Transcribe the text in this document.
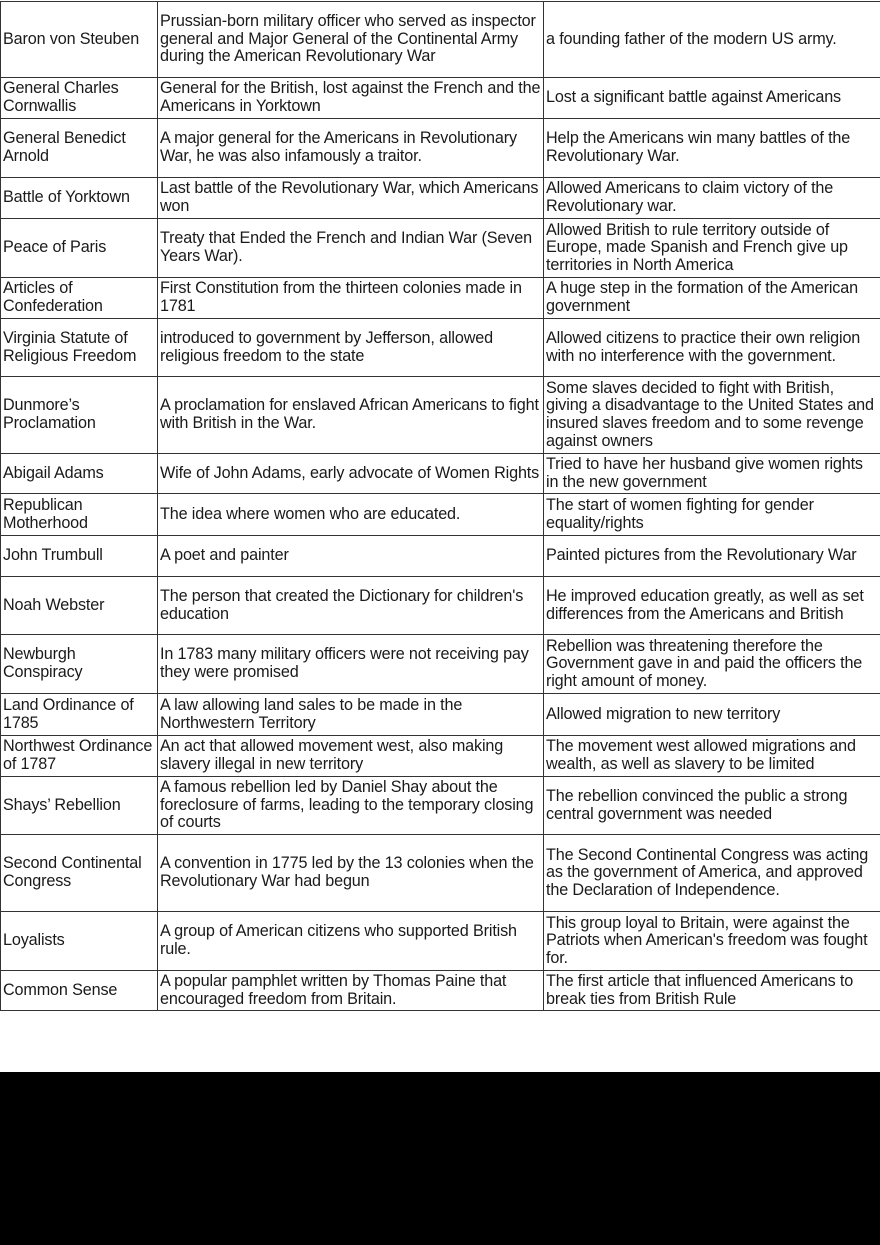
Baron von Steuben	Prussian-born military officer who served as inspector general and Major General of the Continental Army during the American Revolutionary War	a founding father of the modern US army.
General Charles Cornwallis	General for the British, lost against the French and the Americans in Yorktown	Lost a significant battle against Americans
General Benedict Arnold	A major general for the Americans in Revolutionary War, he was also infamously a traitor.	Help the Americans win many battles of the Revolutionary War.
Battle of Yorktown	Last battle of the Revolutionary War, which Americans won	Allowed Americans to claim victory of the Revolutionary war.
Peace of Paris	Treaty that Ended the French and Indian War (Seven Years War).	Allowed British to rule territory outside of Europe, made Spanish and French give up territories in North America
Articles of Confederation	First Constitution from the thirteen colonies made in 1781	A huge step in the formation of the American government
Virginia Statute of Religious Freedom	introduced to government by Jefferson, allowed religious freedom to the state	Allowed citizens to practice their own religion with no interference with the government.
Dunmore’s Proclamation	A proclamation for enslaved African Americans to fight with British in the War.	Some slaves decided to fight with British, giving a disadvantage to the United States and insured slaves freedom and to some revenge against owners
Abigail Adams	Wife of John Adams, early advocate of Women Rights	Tried to have her husband give women rights in the new government
Republican Motherhood	The idea where women who are educated.	The start of women fighting for gender equality/rights
John Trumbull	A poet and painter	Painted pictures from the Revolutionary War
Noah Webster	The person that created the Dictionary for children's education	He improved education greatly, as well as set differences from the Americans and British
Newburgh Conspiracy	In 1783 many military officers were not receiving pay they were promised	Rebellion was threatening therefore the Government gave in and paid the officers the right amount of money.
Land Ordinance of 1785	A law allowing land sales to be made in the Northwestern Territory	Allowed migration to new territory
Northwest Ordinance of 1787	An act that allowed movement west, also making slavery illegal in new territory	The movement west allowed migrations and wealth, as well as slavery to be limited
Shays’ Rebellion	A famous rebellion led by Daniel Shay about the foreclosure of farms, leading to the temporary closing of courts	The rebellion convinced the public a strong central government was needed
Second Continental Congress	A convention in 1775 led by the 13 colonies when the Revolutionary War had begun	The Second Continental Congress was acting as the government of America, and approved the Declaration of Independence.
Loyalists	A group of American citizens who supported British rule.	This group loyal to Britain, were against the Patriots when American's freedom was fought for.
Common Sense	A popular pamphlet written by Thomas Paine that encouraged freedom from Britain.	The first article that influenced Americans to break ties from British Rule
